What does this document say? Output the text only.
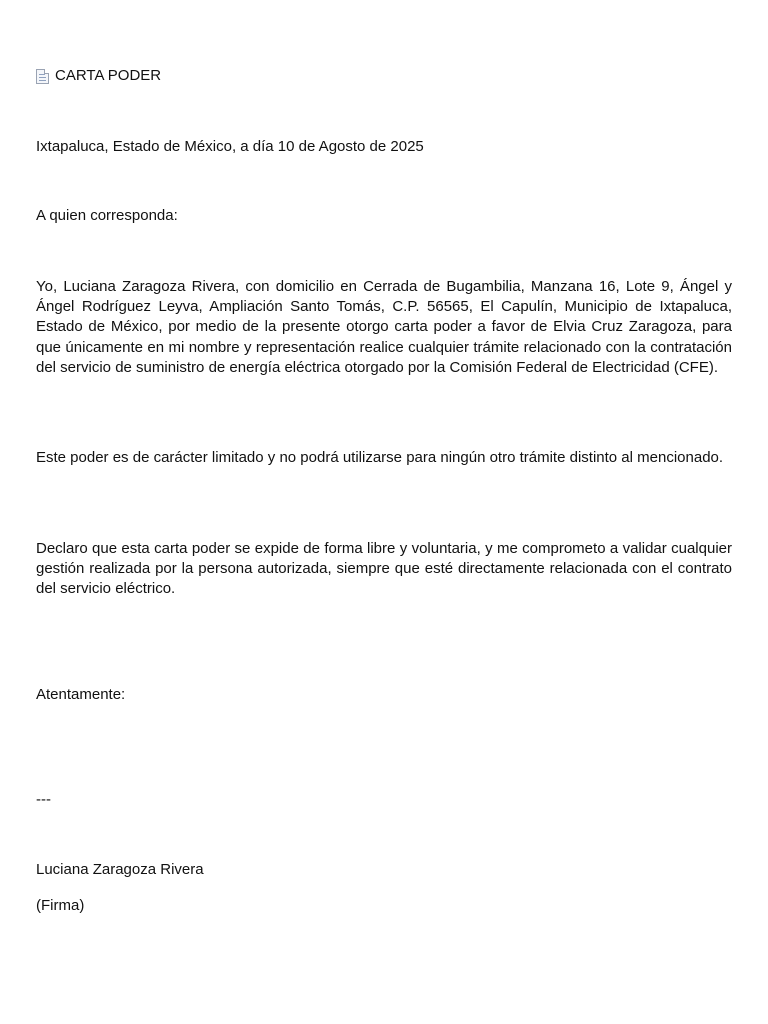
CARTA PODER

Ixtapaluca, Estado de México, a día 10 de Agosto de 2025

A quien corresponda:

Yo, Luciana Zaragoza Rivera, con domicilio en Cerrada de Bugambilia, Manzana 16, Lote 9, Ángel y Ángel Rodríguez Leyva, Ampliación Santo Tomás, C.P. 56565, El Capulín, Municipio de Ixtapaluca, Estado de México, por medio de la presente otorgo carta poder a favor de Elvia Cruz Zaragoza, para que únicamente en mi nombre y representación realice cualquier trámite relacionado con la contratación del servicio de suministro de energía eléctrica otorgado por la Comisión Federal de Electricidad (CFE).

Este poder es de carácter limitado y no podrá utilizarse para ningún otro trámite distinto al mencionado.

Declaro que esta carta poder se expide de forma libre y voluntaria, y me comprometo a validar cualquier gestión realizada por la persona autorizada, siempre que esté directamente relacionada con el contrato del servicio eléctrico.

Atentamente:

---

Luciana Zaragoza Rivera

(Firma)
